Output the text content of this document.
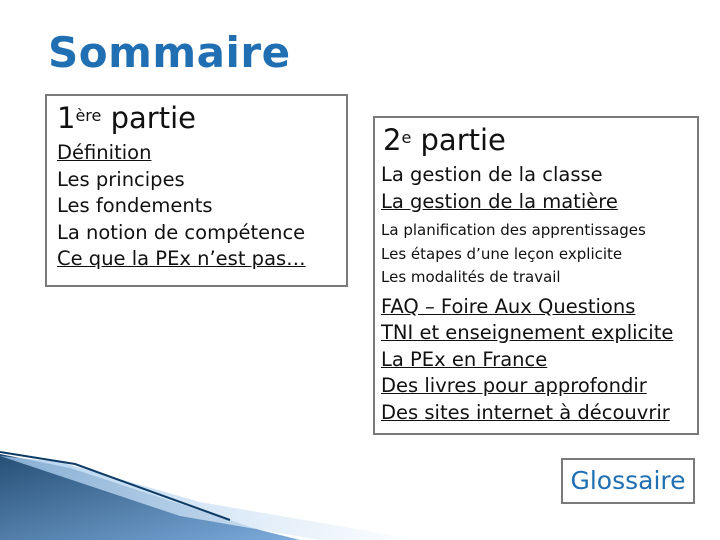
Sommaire
1ère partie
Définition
Les principes
Les fondements
La notion de compétence
Ce que la PEx n’est pas…
2e partie
La gestion de la classe
La gestion de la matière
La planification des apprentissages
Les étapes d’une leçon explicite
Les modalités de travail
FAQ – Foire Aux Questions
TNI et enseignement explicite
La PEx en France
Des livres pour approfondir
Des sites internet à découvrir
Glossaire
